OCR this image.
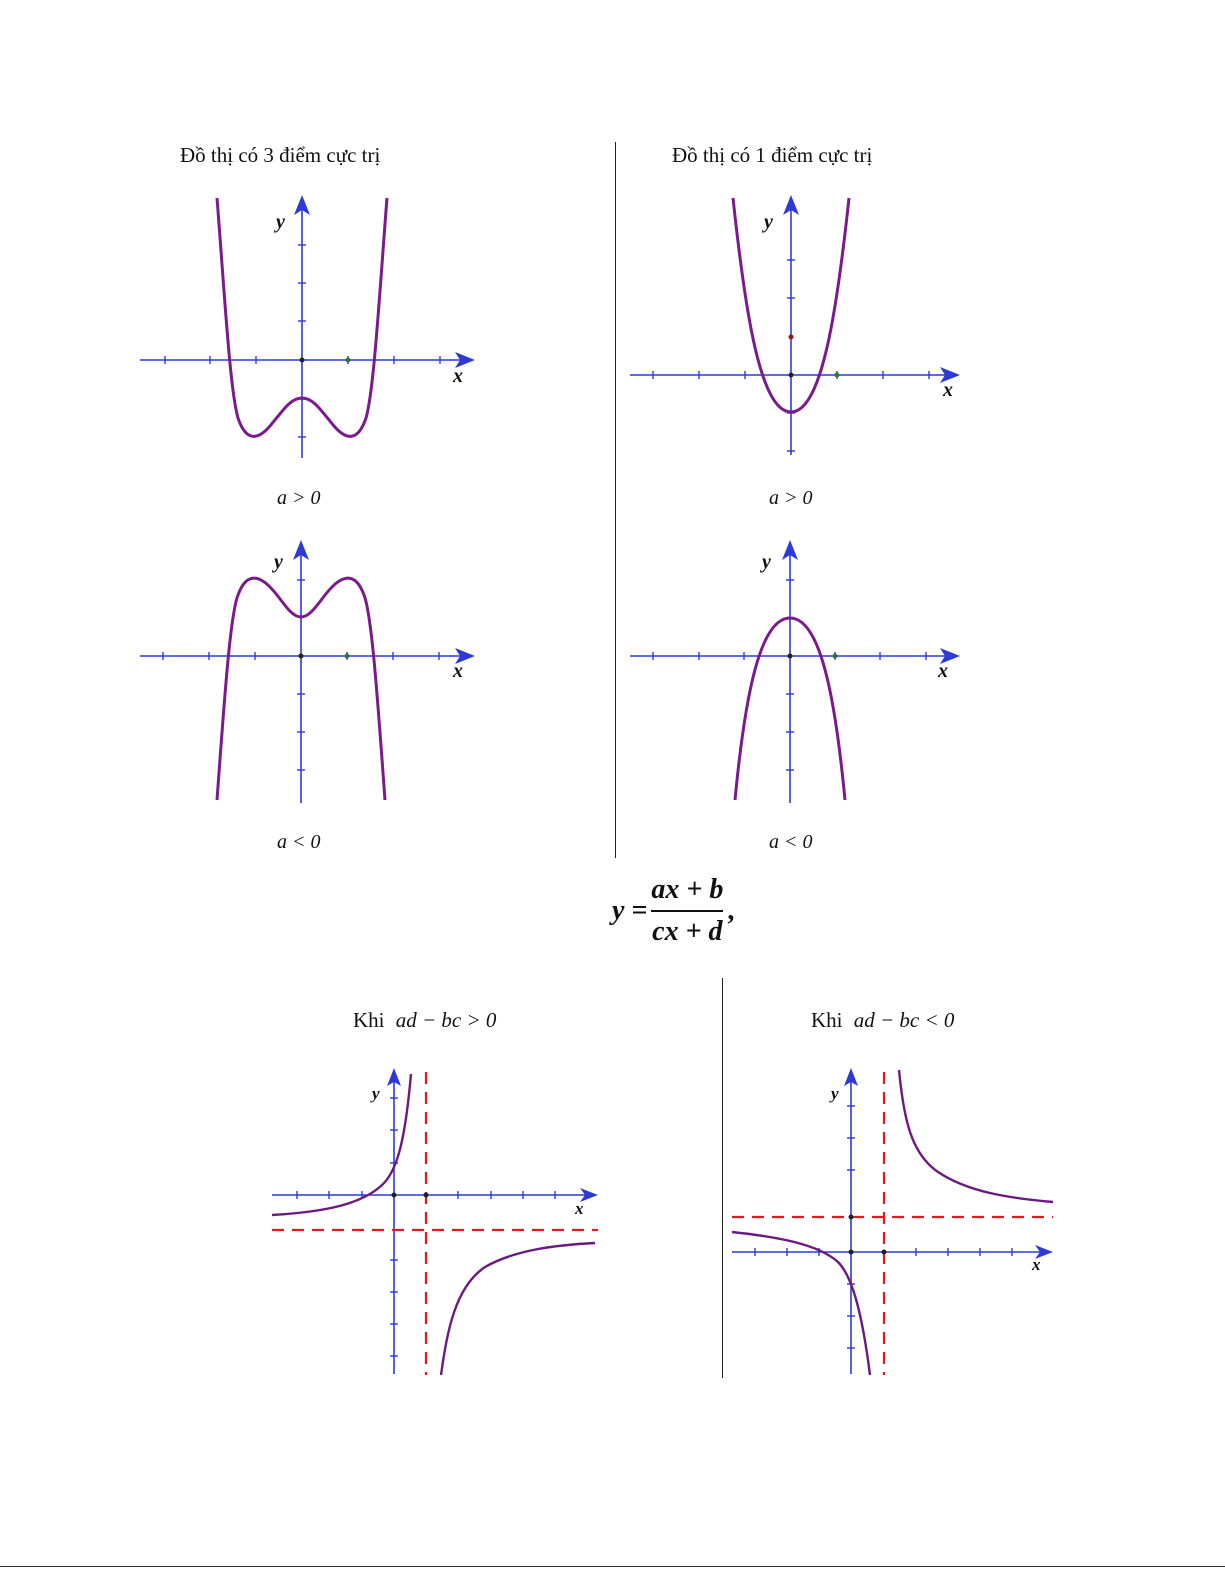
Đồ thị có 3 điểm cực trị	Đồ thị có 1 điểm cực trị
y
x
a > 0
y
x
a > 0
y
x
a < 0
y
x
a < 0
$y = \frac{ax + b}{cx + d}$ ,
Khi ad − bc > 0	Khi ad − bc < 0
y
x
y
x
